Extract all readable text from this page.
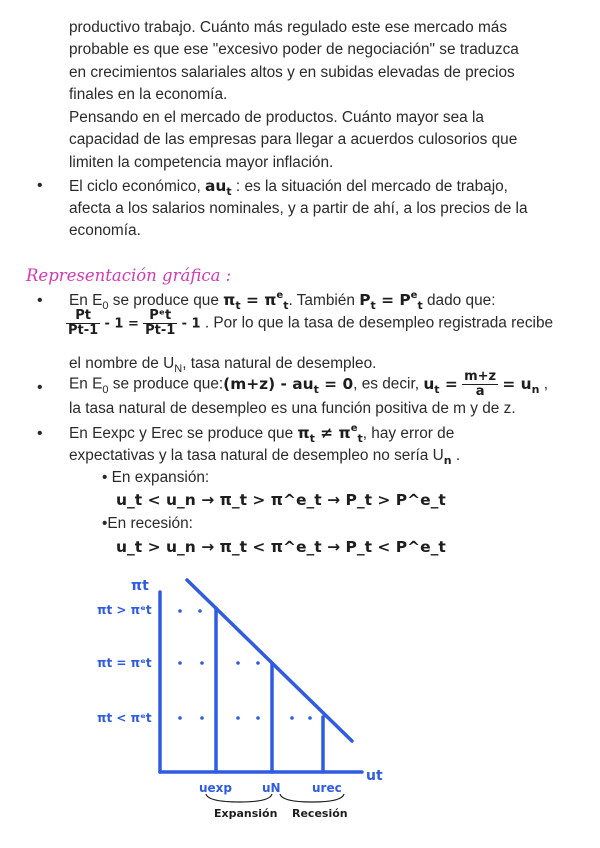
productivo trabajo. Cuánto más regulado este ese mercado más
probable es que ese "excesivo poder de negociación" se traduzca
en crecimientos salariales altos y en subidas elevadas de precios
finales en la economía.
Pensando en el mercado de productos. Cuánto mayor sea la
capacidad de las empresas para llegar a acuerdos culosorios que
limiten la competencia mayor inflación.
• El ciclo económico, $au_t$ : es la situación del mercado de trabajo,
afecta a los salarios nominales, y a partir de ahí, a los precios de la
economía.
Representación gráfica :
• En $E_0$ se produce que $\pi_t = \pi^e_t$. También $P_t = P^e_t$ dado que:
$\frac{Pt}{Pt-1} - 1 = \frac{\text{Pᵉt}}{Pt-1} - 1$ . Por lo que la tasa de desempleo registrada recibe
el nombre de $U_N$, tasa natural de desempleo.
• En $E_0$ se produce que:(m+z) - $au_t = 0$, es decir, $u_t = \frac{m+z}{a} = u_n$ ,
la tasa natural de desempleo es una función positiva de m y de z.
• En Eexpc y Erec se produce que $\pi_t \ne \pi^e_t$, hay error de
expectativas y la tasa natural de desempleo no sería $U_n$ .
• En expansión:
u_t < u_n → π_t > π^e_t → P_t > P^e_t
•En recesión:
u_t > u_n → π_t < π^e_t → P_t < P^e_t
πt
ut
πt > πᵉt
πt = πᵉt
πt < πᵉt
uexp uN	urec
Expansión Recesión
